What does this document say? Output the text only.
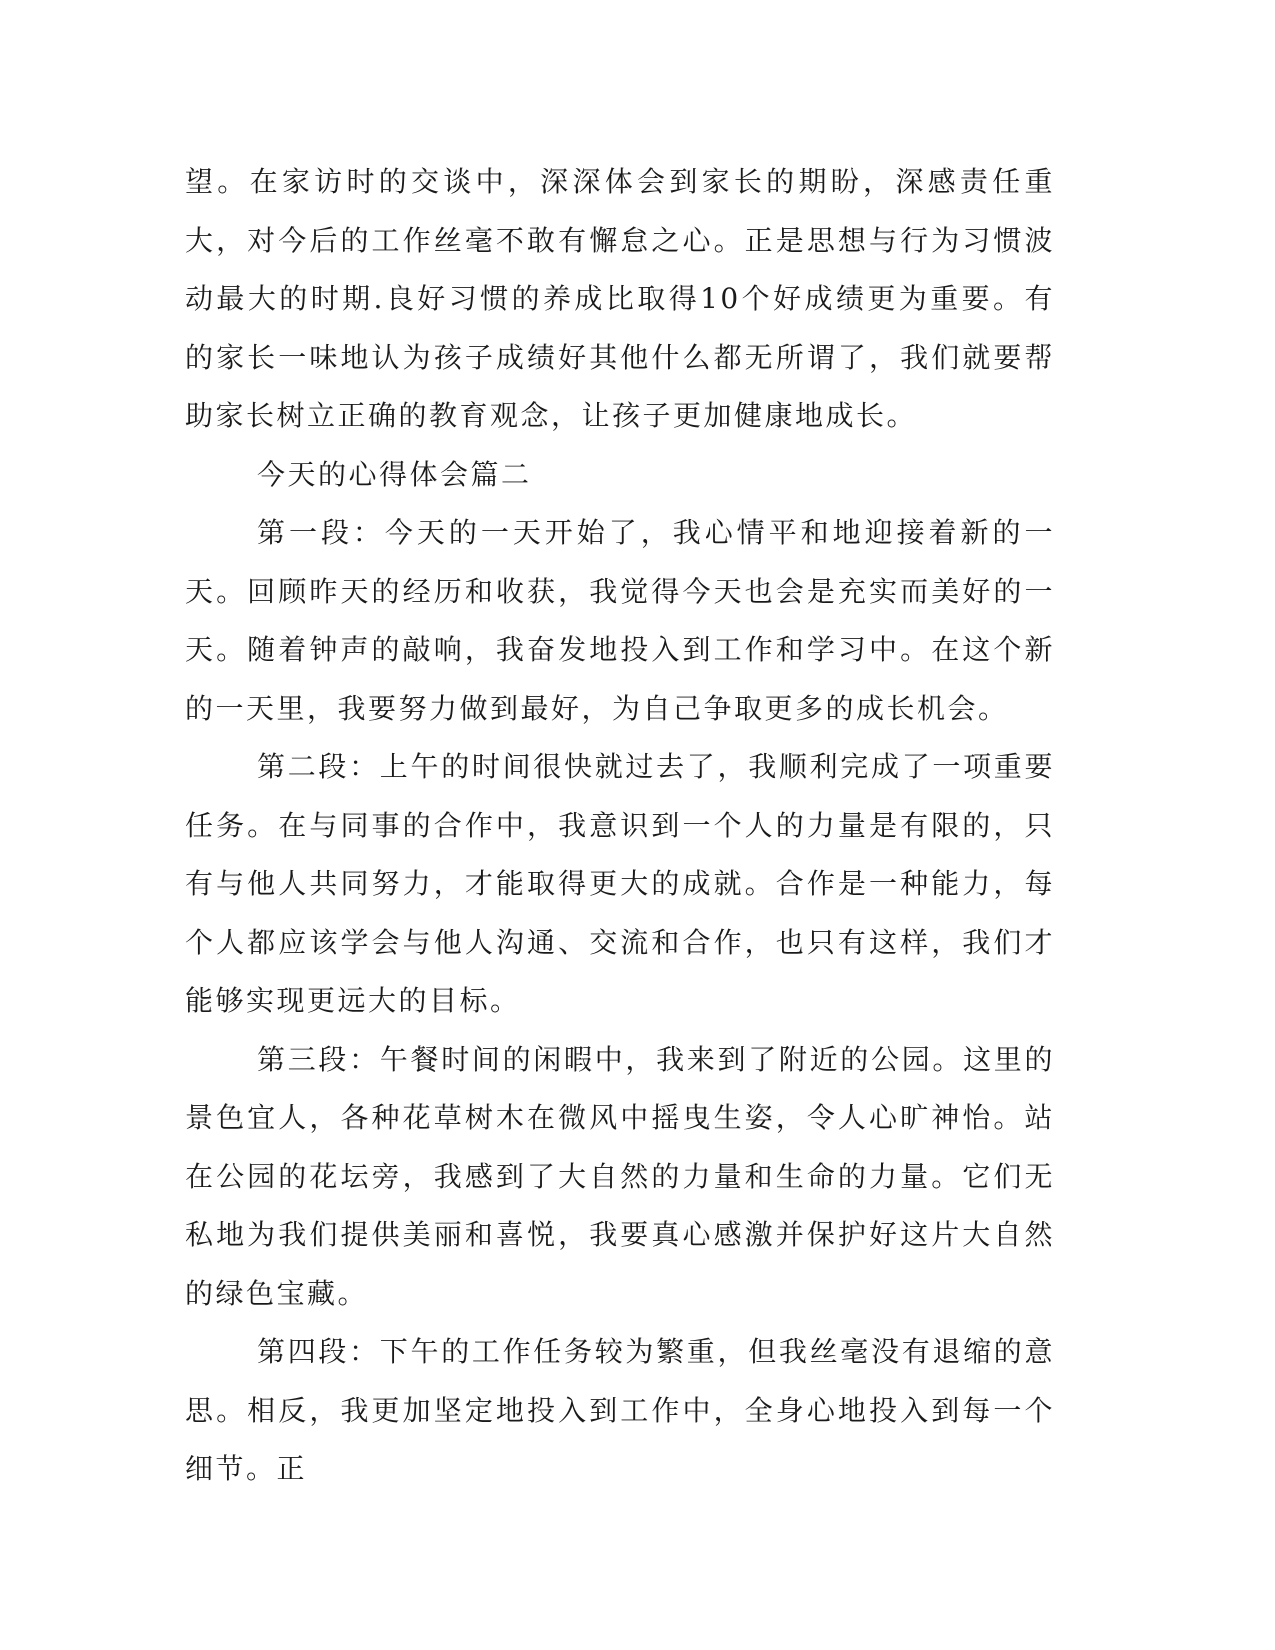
望。在家访时的交谈中，深深体会到家长的期盼，深感责任重大，对今后的工作丝毫不敢有懈怠之心。正是思想与行为习惯波动最大的时期.良好习惯的养成比取得10个好成绩更为重要。有的家长一味地认为孩子成绩好其他什么都无所谓了，我们就要帮助家长树立正确的教育观念，让孩子更加健康地成长。

今天的心得体会篇二

第一段：今天的一天开始了，我心情平和地迎接着新的一天。回顾昨天的经历和收获，我觉得今天也会是充实而美好的一天。随着钟声的敲响，我奋发地投入到工作和学习中。在这个新的一天里，我要努力做到最好，为自己争取更多的成长机会。

第二段：上午的时间很快就过去了，我顺利完成了一项重要任务。在与同事的合作中，我意识到一个人的力量是有限的，只有与他人共同努力，才能取得更大的成就。合作是一种能力，每个人都应该学会与他人沟通、交流和合作，也只有这样，我们才能够实现更远大的目标。

第三段：午餐时间的闲暇中，我来到了附近的公园。这里的景色宜人，各种花草树木在微风中摇曳生姿，令人心旷神怡。站在公园的花坛旁，我感到了大自然的力量和生命的力量。它们无私地为我们提供美丽和喜悦，我要真心感激并保护好这片大自然的绿色宝藏。

第四段：下午的工作任务较为繁重，但我丝毫没有退缩的意思。相反，我更加坚定地投入到工作中，全身心地投入到每一个细节。正
